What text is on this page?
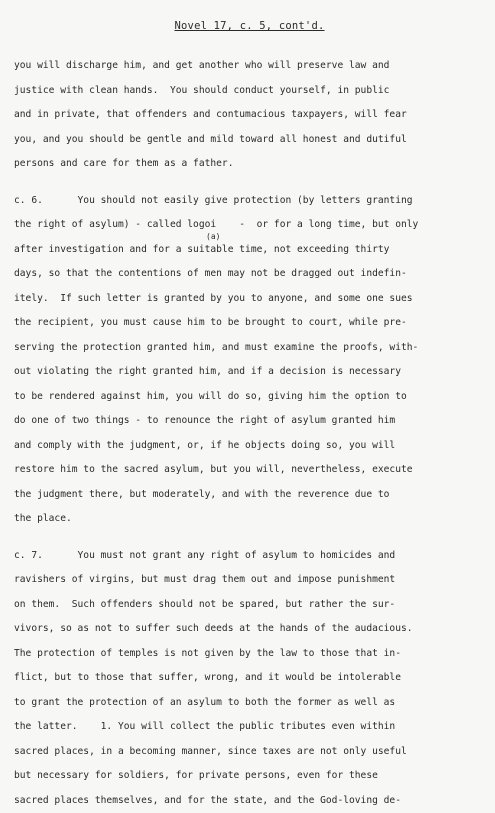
Novel 17, c. 5, cont'd.
you will discharge him, and get another who will preserve law and
justice with clean hands.  You should conduct yourself, in public
and in private, that offenders and contumacious taxpayers, will fear
you, and you should be gentle and mild toward all honest and dutiful
persons and care for them as a father.
c. 6.      You should not easily give protection (by letters granting
the right of asylum) - called logoi    -  or for a long time, but only
after investigation and for a suitable time, not exceeding thirty
days, so that the contentions of men may not be dragged out indefin-
itely.  If such letter is granted by you to anyone, and some one sues
the recipient, you must cause him to be brought to court, while pre-
serving the protection granted him, and must examine the proofs, with-
out violating the right granted him, and if a decision is necessary
to be rendered against him, you will do so, giving him the option to
do one of two things - to renounce the right of asylum granted him
and comply with the judgment, or, if he objects doing so, you will
restore him to the sacred asylum, but you will, nevertheless, execute
the judgment there, but moderately, and with the reverence due to
the place.
c. 7.      You must not grant any right of asylum to homicides and
ravishers of virgins, but must drag them out and impose punishment
on them.  Such offenders should not be spared, but rather the sur-
vivors, so as not to suffer such deeds at the hands of the audacious.
The protection of temples is not given by the law to those that in-
flict, but to those that suffer, wrong, and it would be intolerable
to grant the protection of an asylum to both the former as well as
the latter.    1. You will collect the public tributes even within
sacred places, in a becoming manner, since taxes are not only useful
but necessary for soldiers, for private persons, even for these
sacred places themselves, and for the state, and the God-loving de-
(a)
